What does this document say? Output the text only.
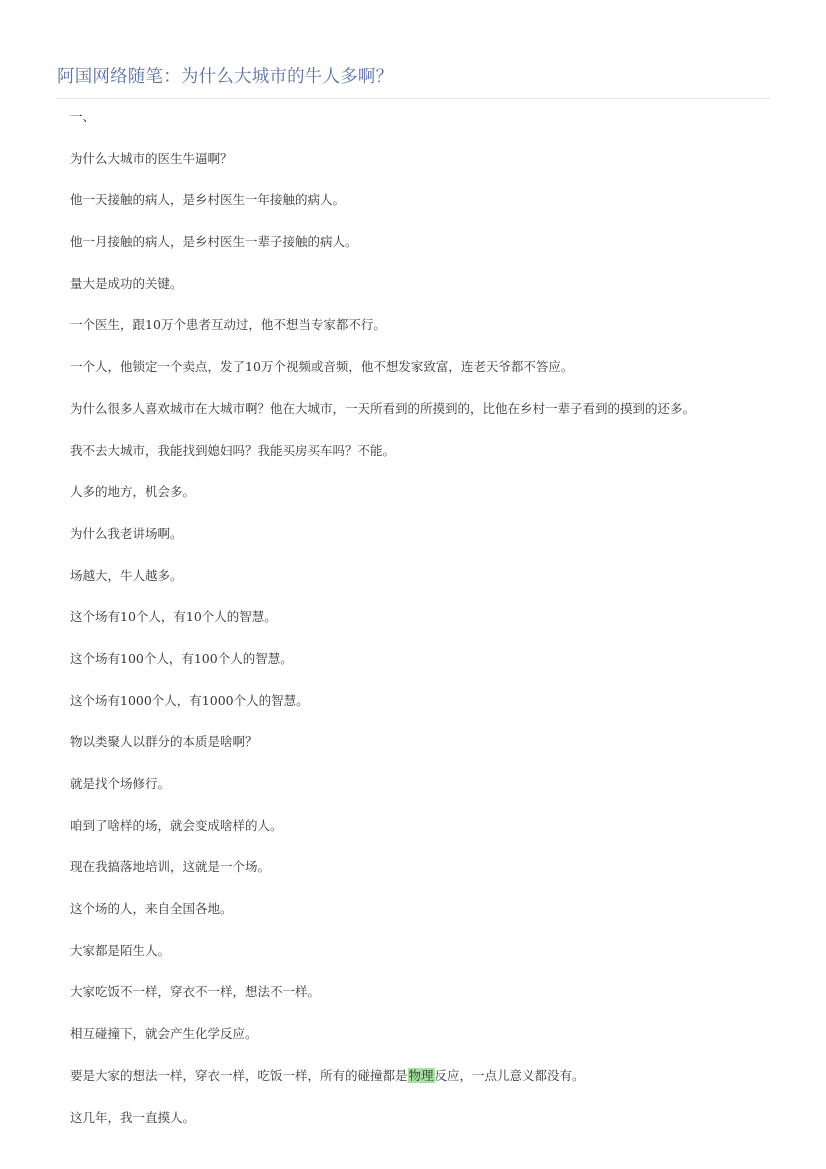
阿国网络随笔：为什么大城市的牛人多啊？
一、
为什么大城市的医生牛逼啊？
他一天接触的病人，是乡村医生一年接触的病人。
他一月接触的病人，是乡村医生一辈子接触的病人。
量大是成功的关键。
一个医生，跟10万个患者互动过，他不想当专家都不行。
一个人，他锁定一个卖点，发了10万个视频或音频，他不想发家致富，连老天爷都不答应。
为什么很多人喜欢城市在大城市啊？他在大城市，一天所看到的所摸到的，比他在乡村一辈子看到的摸到的还多。
我不去大城市，我能找到媳妇吗？我能买房买车吗？不能。
人多的地方，机会多。
为什么我老讲场啊。
场越大，牛人越多。
这个场有10个人，有10个人的智慧。
这个场有100个人，有100个人的智慧。
这个场有1000个人，有1000个人的智慧。
物以类聚人以群分的本质是啥啊？
就是找个场修行。
咱到了啥样的场，就会变成啥样的人。
现在我搞落地培训，这就是一个场。
这个场的人，来自全国各地。
大家都是陌生人。
大家吃饭不一样，穿衣不一样，想法不一样。
相互碰撞下，就会产生化学反应。
要是大家的想法一样，穿衣一样，吃饭一样，所有的碰撞都是物理反应，一点儿意义都没有。
这几年，我一直摸人。
